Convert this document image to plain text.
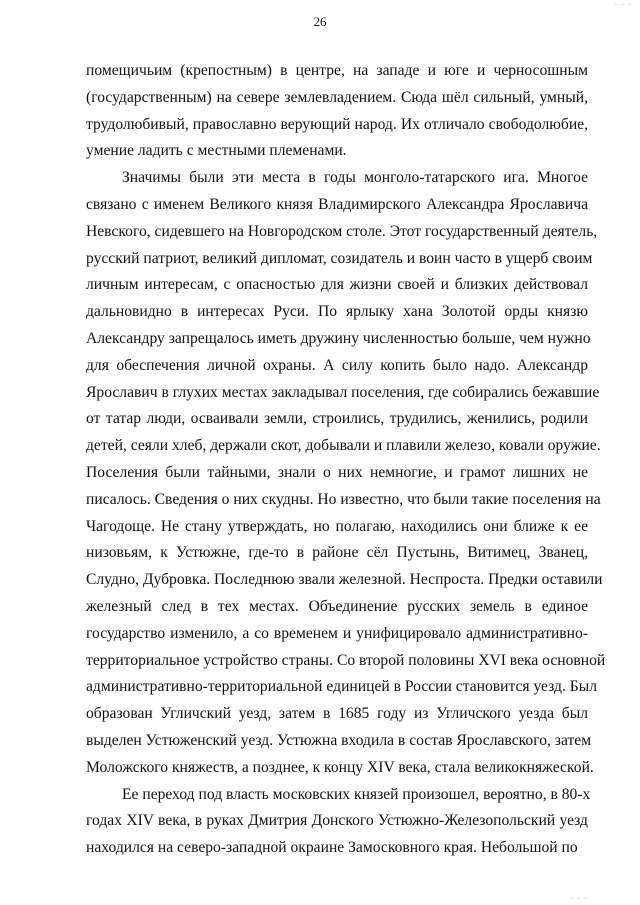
· · ·
26
помещичьим (крепостным) в центре, на западе и юге и черносошным
(государственным) на севере землевладением. Сюда шёл сильный, умный,
трудолюбивый, православно верующий народ. Их отличало свободолюбие,
умение ладить с местными племенами.
Значимы были эти места в годы монголо-татарского ига. Многое
связано с именем Великого князя Владимирского Александра Ярославича
Невского, сидевшего на Новгородском столе. Этот государственный деятель,
русский патриот, великий дипломат, созидатель и воин часто в ущерб своим
личным интересам, с опасностью для жизни своей и близких действовал
дальновидно в интересах Руси. По ярлыку хана Золотой орды князю
Александру запрещалось иметь дружину численностью больше, чем нужно
для обеспечения личной охраны. А силу копить было надо. Александр
Ярославич в глухих местах закладывал поселения, где собирались бежавшие
от татар люди, осваивали земли, строились, трудились, женились, родили
детей, сеяли хлеб, держали скот, добывали и плавили железо, ковали оружие.
Поселения были тайными, знали о них немногие, и грамот лишних не
писалось. Сведения о них скудны. Но известно, что были такие поселения на
Чагодоще. Не стану утверждать, но полагаю, находились они ближе к ее
низовьям, к Устюжне, где-то в районе сёл Пустынь, Витимец, Званец,
Слудно, Дубровка. Последнюю звали железной. Неспроста. Предки оставили
железный след в тех местах. Объединение русских земель в единое
государство изменило, а со временем и унифицировало административно-
территориальное устройство страны. Со второй половины XVI века основной
административно-территориальной единицей в России становится уезд. Был
образован Угличский уезд, затем в 1685 году из Угличского уезда был
выделен Устюженский уезд. Устюжна входила в состав Ярославского, затем
Моложского княжеств, а позднее, к концу XIV века, стала великокняжеской.
Ее переход под власть московских князей произошел, вероятно, в 80-х
годах XIV века, в руках Дмитрия Донского Устюжно-Железопольский уезд
находился на северо-западной окраине Замосковного края. Небольшой по
· · ·
